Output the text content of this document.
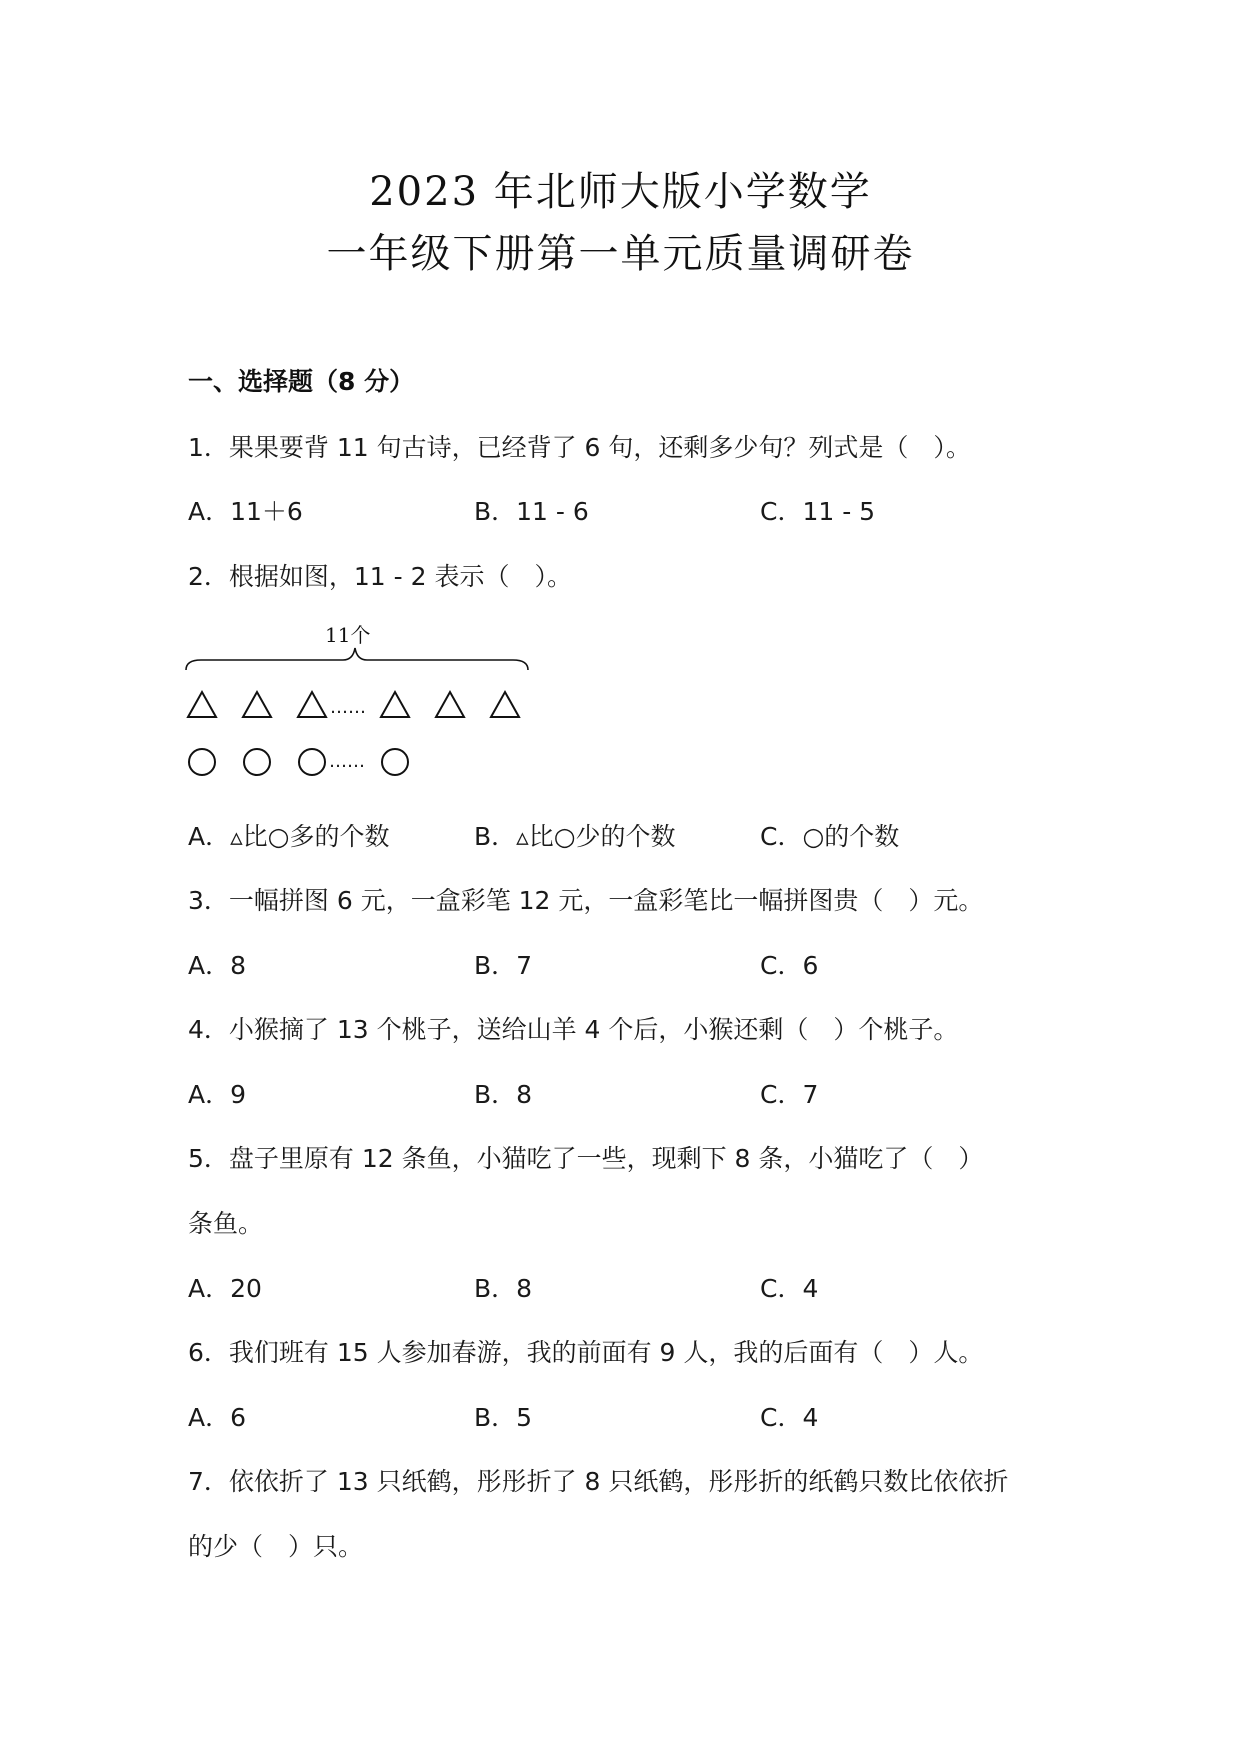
2023 年北师大版小学数学
一年级下册第一单元质量调研卷
一、选择题（8 分）
1．果果要背 11 句古诗，已经背了 6 句，还剩多少句？列式是（　）。
A．11＋6	B．11 - 6	C．11 - 5
2．根据如图，11 - 2 表示（　）。
11个
……
……
A．▵比○多的个数	B．▵比○少的个数	C．○的个数
3．一幅拼图 6 元，一盒彩笔 12 元，一盒彩笔比一幅拼图贵（　）元。
A．8	B．7	C．6
4．小猴摘了 13 个桃子，送给山羊 4 个后，小猴还剩（　）个桃子。
A．9	B．8	C．7
5．盘子里原有 12 条鱼，小猫吃了一些，现剩下 8 条，小猫吃了（　）
条鱼。
A．20	B．8	C．4
6．我们班有 15 人参加春游，我的前面有 9 人，我的后面有（　）人。
A．6	B．5	C．4
7．依依折了 13 只纸鹤，彤彤折了 8 只纸鹤，彤彤折的纸鹤只数比依依折
的少（　）只。
